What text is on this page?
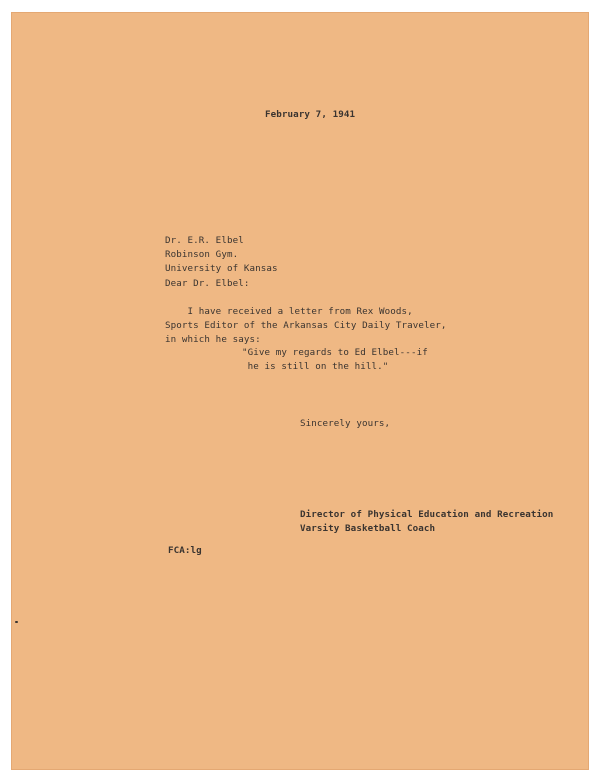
February 7, 1941

Dr. E.R. Elbel
Robinson Gym.
University of Kansas

Dear Dr. Elbel:

I have received a letter from Rex Woods,
Sports Editor of the Arkansas City Daily Traveler,
in which he says:
"Give my regards to Ed Elbel---if
he is still on the hill."

Sincerely yours,

Director of Physical Education and Recreation
Varsity Basketball Coach

FCA:lg
